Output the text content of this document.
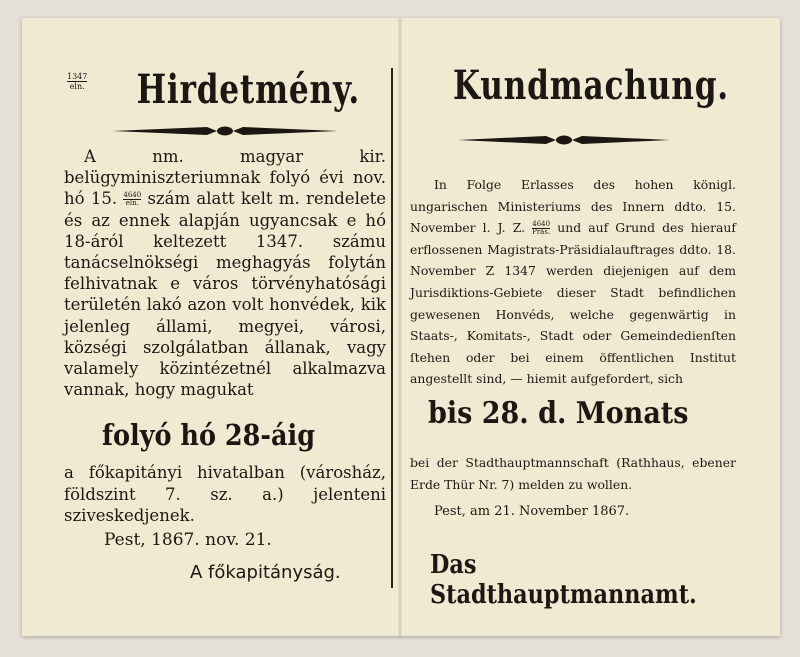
1347
eln. Hirdetmény.
A nm. magyar kir. belügyminiszteriumnak folyó évi nov. hó 15. $\frac{4640}{eln.}$ szám alatt kelt m. rendelete és az ennek alapján ugyancsak e hó 18-áról keltezett 1347. számu tanácselnökségi meghagyás folytán felhivatnak e város törvényhatósági területén lakó azon volt honvédek, kik jelenleg állami, megyei, városi, községi szolgálatban állanak, vagy valamely közintézetnél alkalmazva vannak, hogy magukat
folyó hó 28-áig
a főkapitányi hivatalban (városház, földszint 7. sz. a.) jelenteni sziveskedjenek.
Pest, 1867. nov. 21.
A főkapitányság.
Kundmachung.
In Folge Erlasses des hohen königl. ungarischen Ministeriums des Innern ddto. 15. November l. J. Z. $\frac{4640}{\text{Präs.}}$ und auf Grund des hierauf erflossenen Magistrats-Präsidialauftrages ddto. 18. November Z 1347 werden diejenigen auf dem Jurisdiktions-Gebiete dieser Stadt befindlichen gewesenen Honvéds, welche gegenwärtig in Staats-, Komitats-, Stadt oder Gemeindedienſten ſtehen oder bei einem öffentlichen Institut angestellt sind, — hiemit aufgefordert, sich
bis 28. d. Monats
bei der Stadthauptmannschaft (Rathhaus, ebener Erde Thür Nr. 7) melden zu wollen.
Pest, am 21. November 1867.
Das Stadthauptmannamt.
